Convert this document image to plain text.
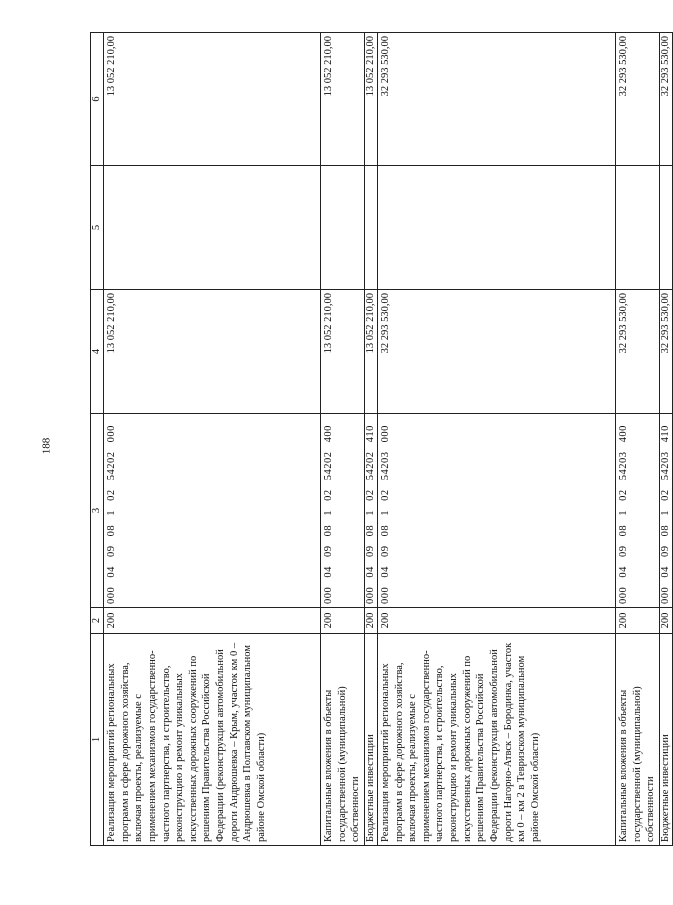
188
1	2	3	4	5	6
Реализация мероприятий региональных программ в сфере дорожного хозяйства, включая проекты, реализуемые с применением механизмов государственно-частного партнерства, и строительство, реконструкцию и ремонт уникальных искусственных дорожных сооружений по решениям Правительства Российской Федерации (реконструкция автомобильной дороги Андрюшевка – Крым, участок км 0 – Андрюшевка в Полтавском муниципальном районе Омской области)	200	000 04 09 08 1 02 54202 000	13 052 210,00		13 052 210,00
Капитальные вложения в объекты государственной (муниципальной) собственности	200	000 04 09 08 1 02 54202 400	13 052 210,00		13 052 210,00
Бюджетные инвестиции	200	000 04 09 08 1 02 54202 410	13 052 210,00		13 052 210,00
Реализация мероприятий региональных программ в сфере дорожного хозяйства, включая проекты, реализуемые с применением механизмов государственно-частного партнерства, и строительство, реконструкцию и ремонт уникальных искусственных дорожных сооружений по решениям Правительства Российской Федерации (реконструкция автомобильной дороги Нагорно-Атвск – Бородинка, участок км 0 – км 2 в Тевризском муниципальном районе Омской области)	200	000 04 09 08 1 02 54203 000	32 293 530,00		32 293 530,00
Капитальные вложения в объекты государственной (муниципальной) собственности	200	000 04 09 08 1 02 54203 400	32 293 530,00		32 293 530,00
Бюджетные инвестиции	200	000 04 09 08 1 02 54203 410	32 293 530,00		32 293 530,00
